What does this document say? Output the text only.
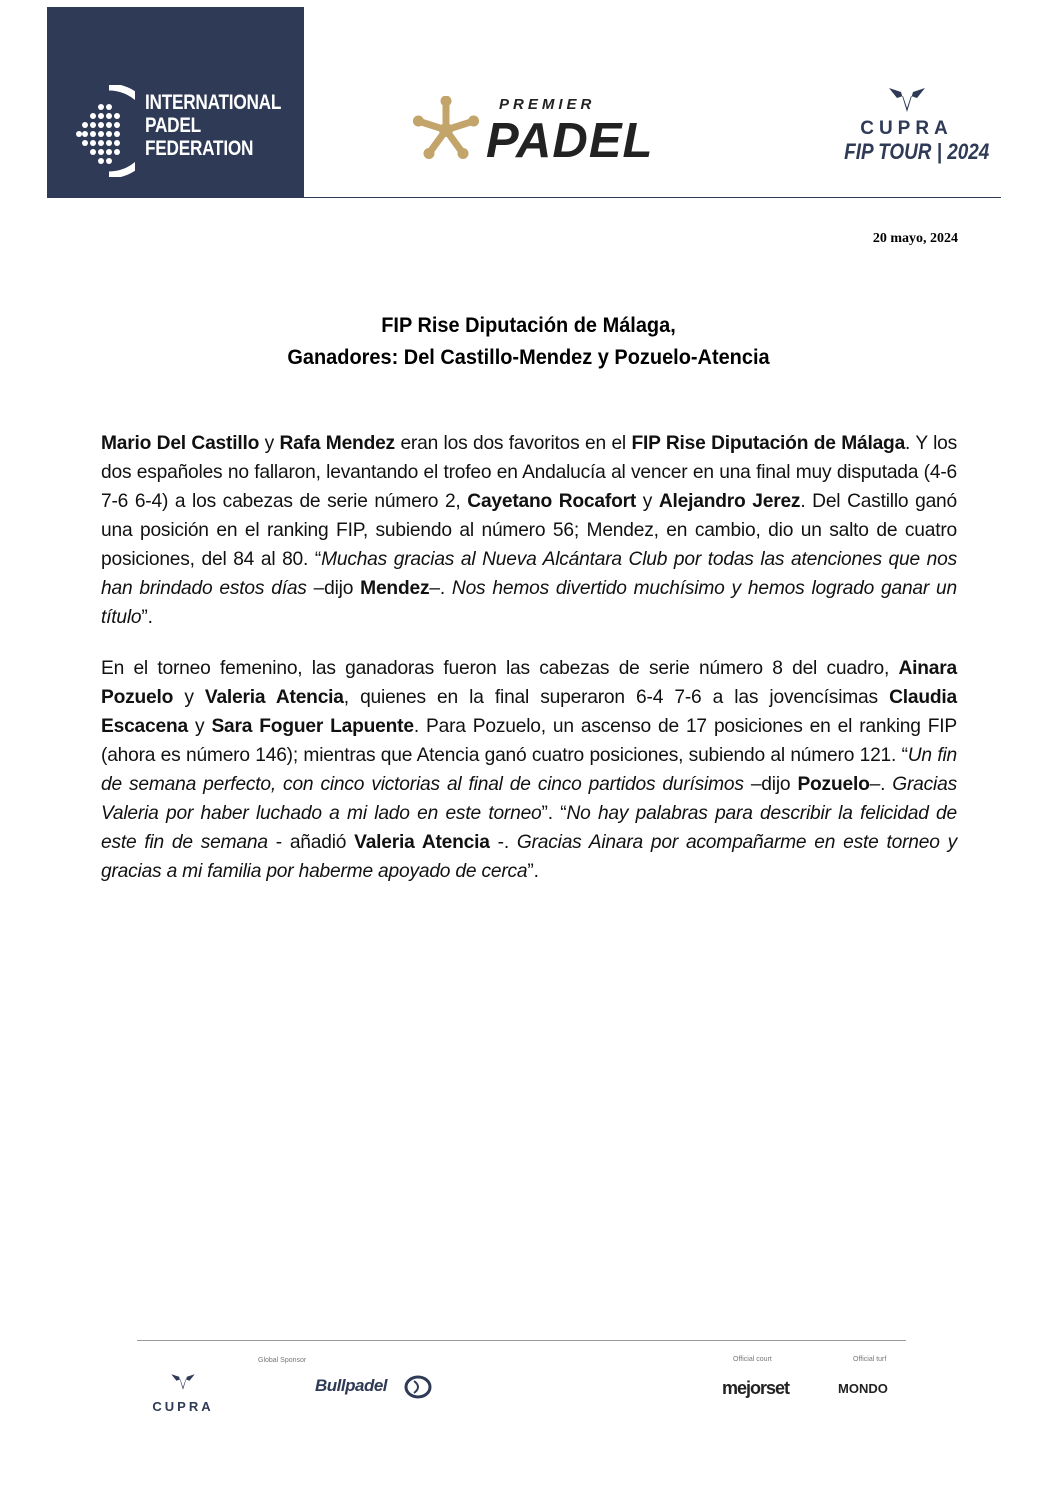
INTERNATIONAL
PADEL
FEDERATION
PREMIER
PADEL	CUPRA
FIP TOUR | 2024
20 mayo, 2024
FIP Rise Diputación de Málaga,
Ganadores: Del Castillo-Mendez y Pozuelo-Atencia
Mario Del Castillo y Rafa Mendez eran los dos favoritos en el FIP Rise Diputación de Málaga. Y los dos españoles no fallaron, levantando el trofeo en Andalucía al vencer en una final muy disputada (4-6 7-6 6-4) a los cabezas de serie número 2, Cayetano Rocafort y Alejandro Jerez. Del Castillo ganó una posición en el ranking FIP, subiendo al número 56; Mendez, en cambio, dio un salto de cuatro posiciones, del 84 al 80. “Muchas gracias al Nueva Alcántara Club por todas las atenciones que nos han brindado estos días –dijo Mendez–. Nos hemos divertido muchísimo y hemos logrado ganar un título”.
En el torneo femenino, las ganadoras fueron las cabezas de serie número 8 del cuadro, Ainara Pozuelo y Valeria Atencia, quienes en la final superaron 6-4 7-6 a las jovencísimas Claudia Escacena y Sara Foguer Lapuente. Para Pozuelo, un ascenso de 17 posiciones en el ranking FIP (ahora es número 146); mientras que Atencia ganó cuatro posiciones, subiendo al número 121. “Un fin de semana perfecto, con cinco victorias al final de cinco partidos durísimos –dijo Pozuelo–. Gracias Valeria por haber luchado a mi lado en este torneo”. “No hay palabras para describir la felicidad de este fin de semana - añadió Valeria Atencia -. Gracias Ainara por acompañarme en este torneo y gracias a mi familia por haberme apoyado de cerca”.
CUPRA
Global Sponsor
Bullpadel
Official court
mejorset
Official turf
MONDO
